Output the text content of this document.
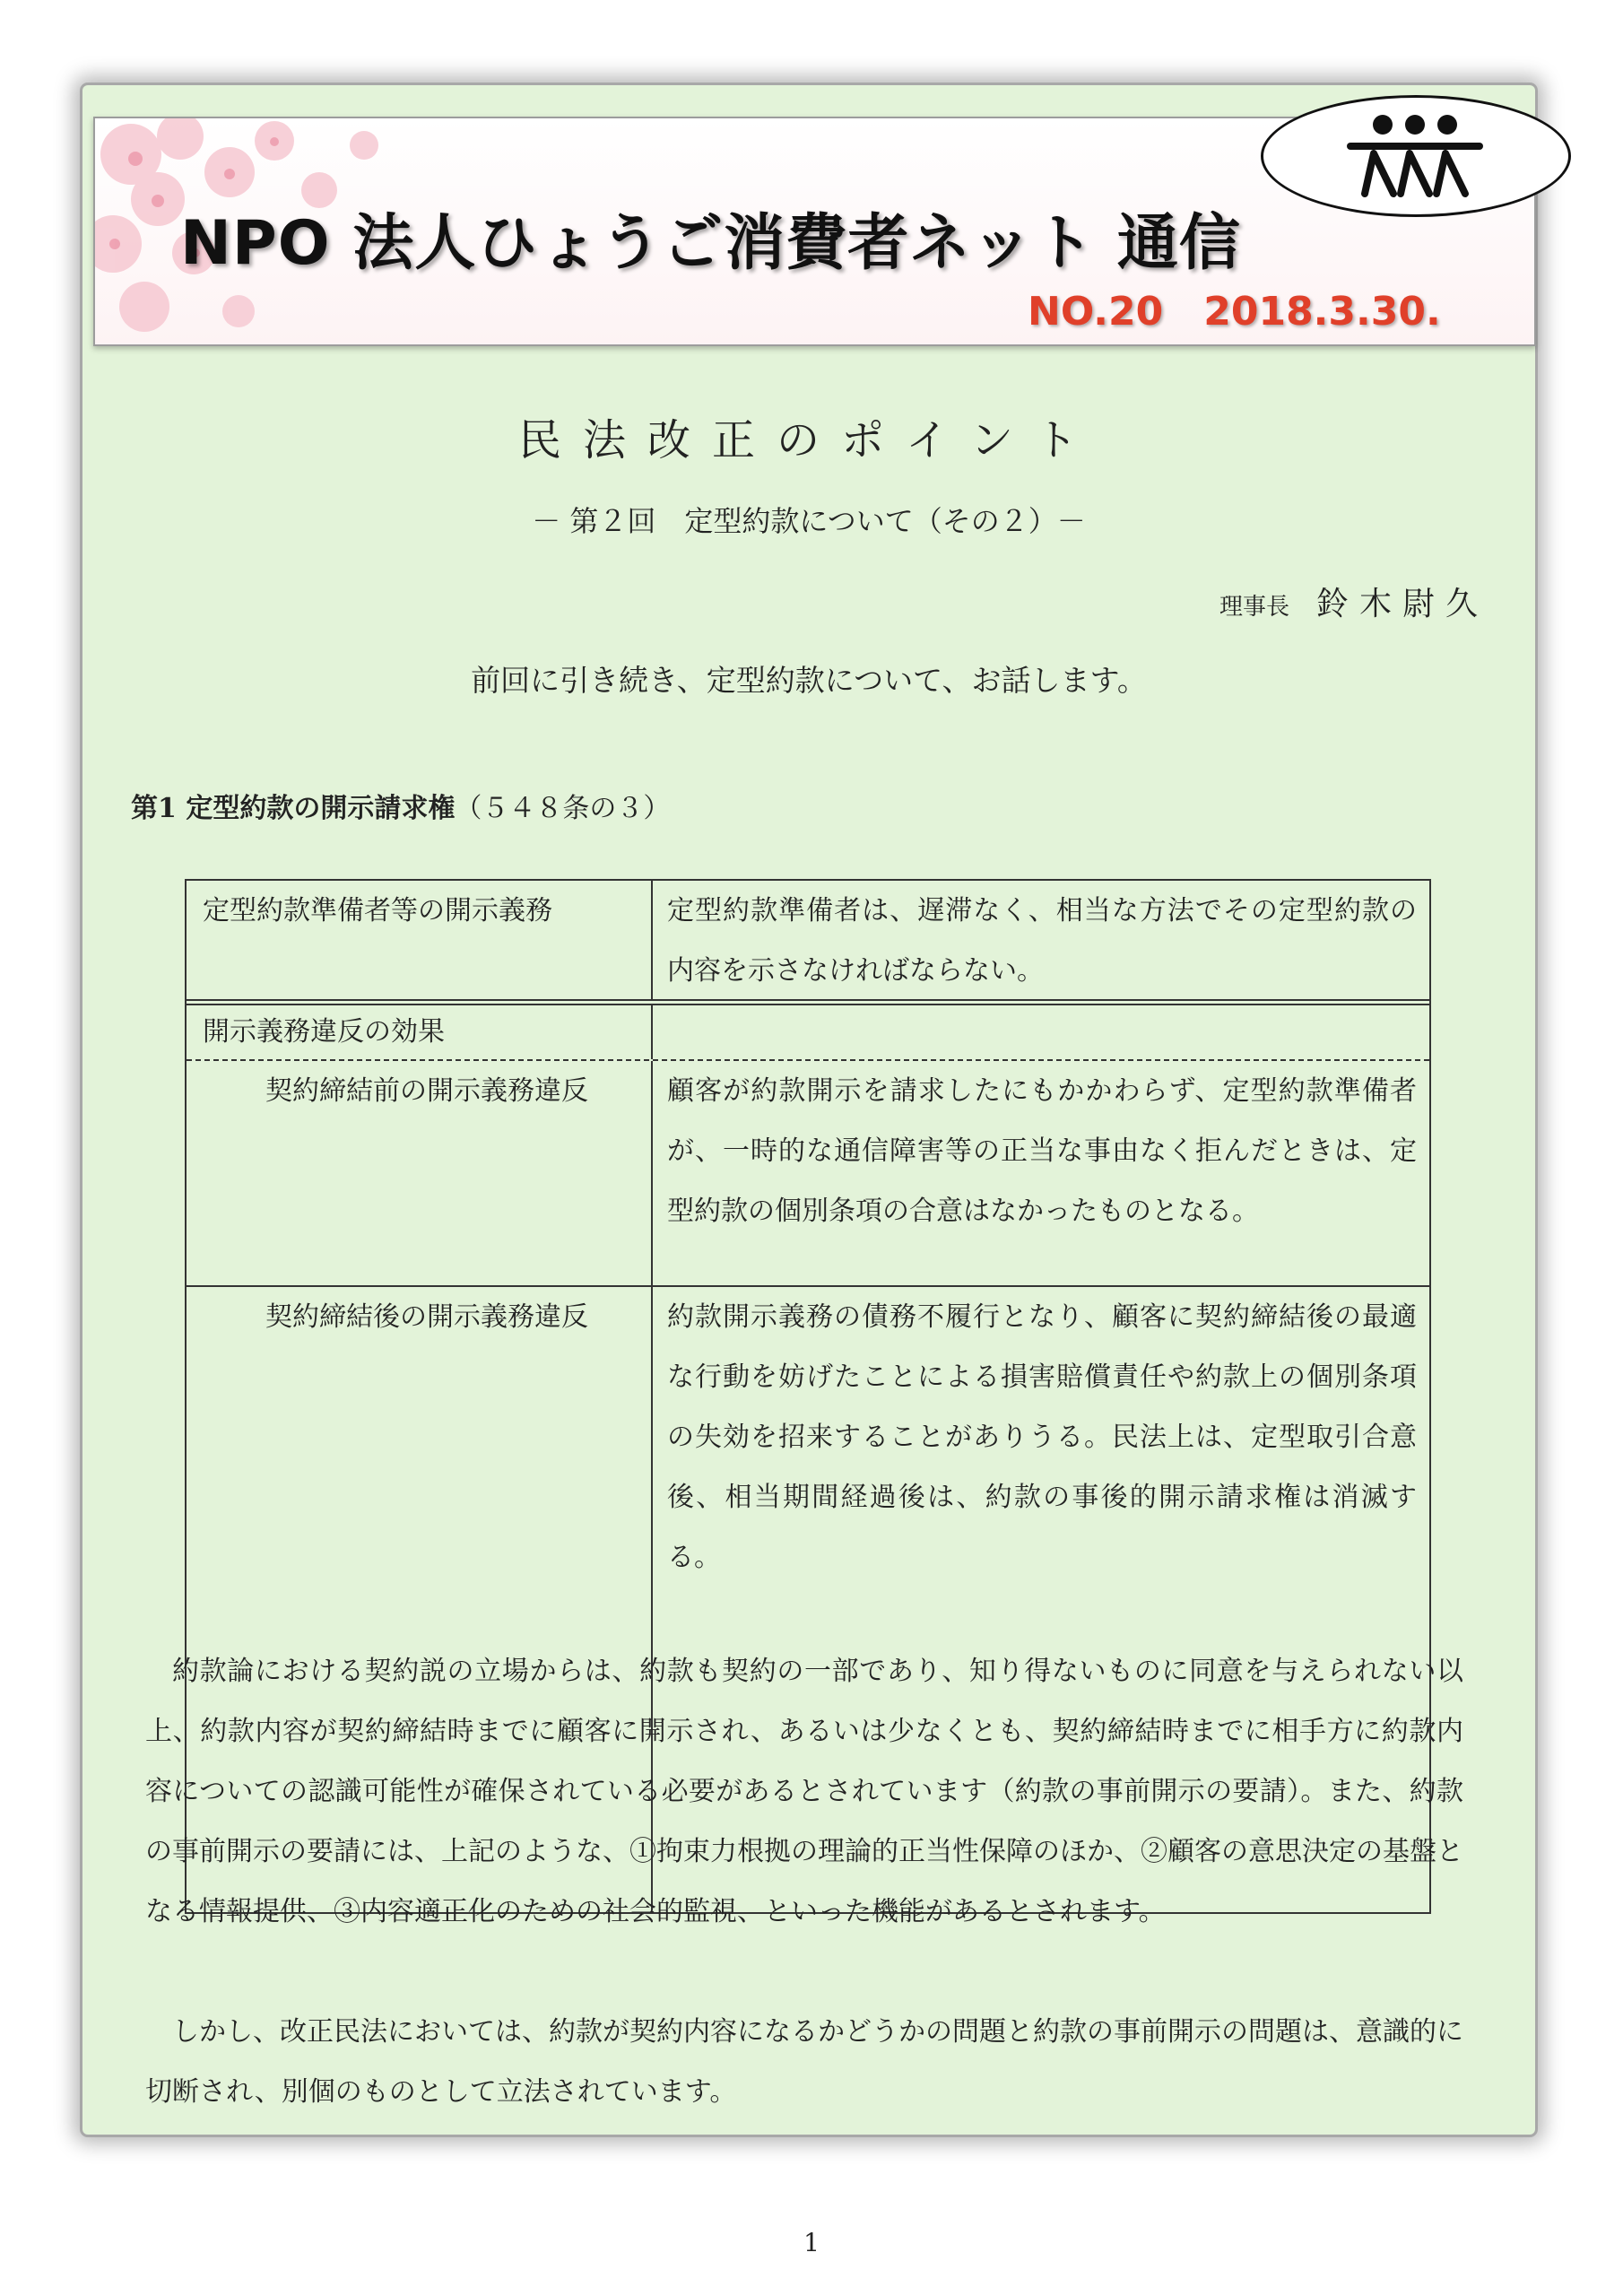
NPO 法人ひょうご消費者ネット 通信
NO.20 2018.3.30.
民法改正のポイント

－ 第２回　定型約款について（その２）－

理事長 鈴木尉久

前回に引き続き、定型約款について、お話します。

第1 定型約款の開示請求権（５４８条の３）

定型約款準備者等の開示義務	定型約款準備者は、遅滞なく、相当な方法でその定型約款の内容を示さなければならない。

開示義務違反の効果

契約締結前の開示義務違反	顧客が約款開示を請求したにもかかわらず、定型約款準備者が、一時的な通信障害等の正当な事由なく拒んだときは、定型約款の個別条項の合意はなかったものとなる。

契約締結後の開示義務違反	約款開示義務の債務不履行となり、顧客に契約締結後の最適な行動を妨げたことによる損害賠償責任や約款上の個別条項の失効を招来することがありうる。民法上は、定型取引合意後、相当期間経過後は、約款の事後的開示請求権は消滅する。

約款論における契約説の立場からは、約款も契約の一部であり、知り得ないものに同意を与えられない以上、約款内容が契約締結時までに顧客に開示され、あるいは少なくとも、契約締結時までに相手方に約款内容についての認識可能性が確保されている必要があるとされています（約款の事前開示の要請）。また、約款の事前開示の要請には、上記のような、①拘束力根拠の理論的正当性保障のほか、②顧客の意思決定の基盤となる情報提供、③内容適正化のための社会的監視、といった機能があるとされます。

しかし、改正民法においては、約款が契約内容になるかどうかの問題と約款の事前開示の問題は、意識的に切断され、別個のものとして立法されています。

1
